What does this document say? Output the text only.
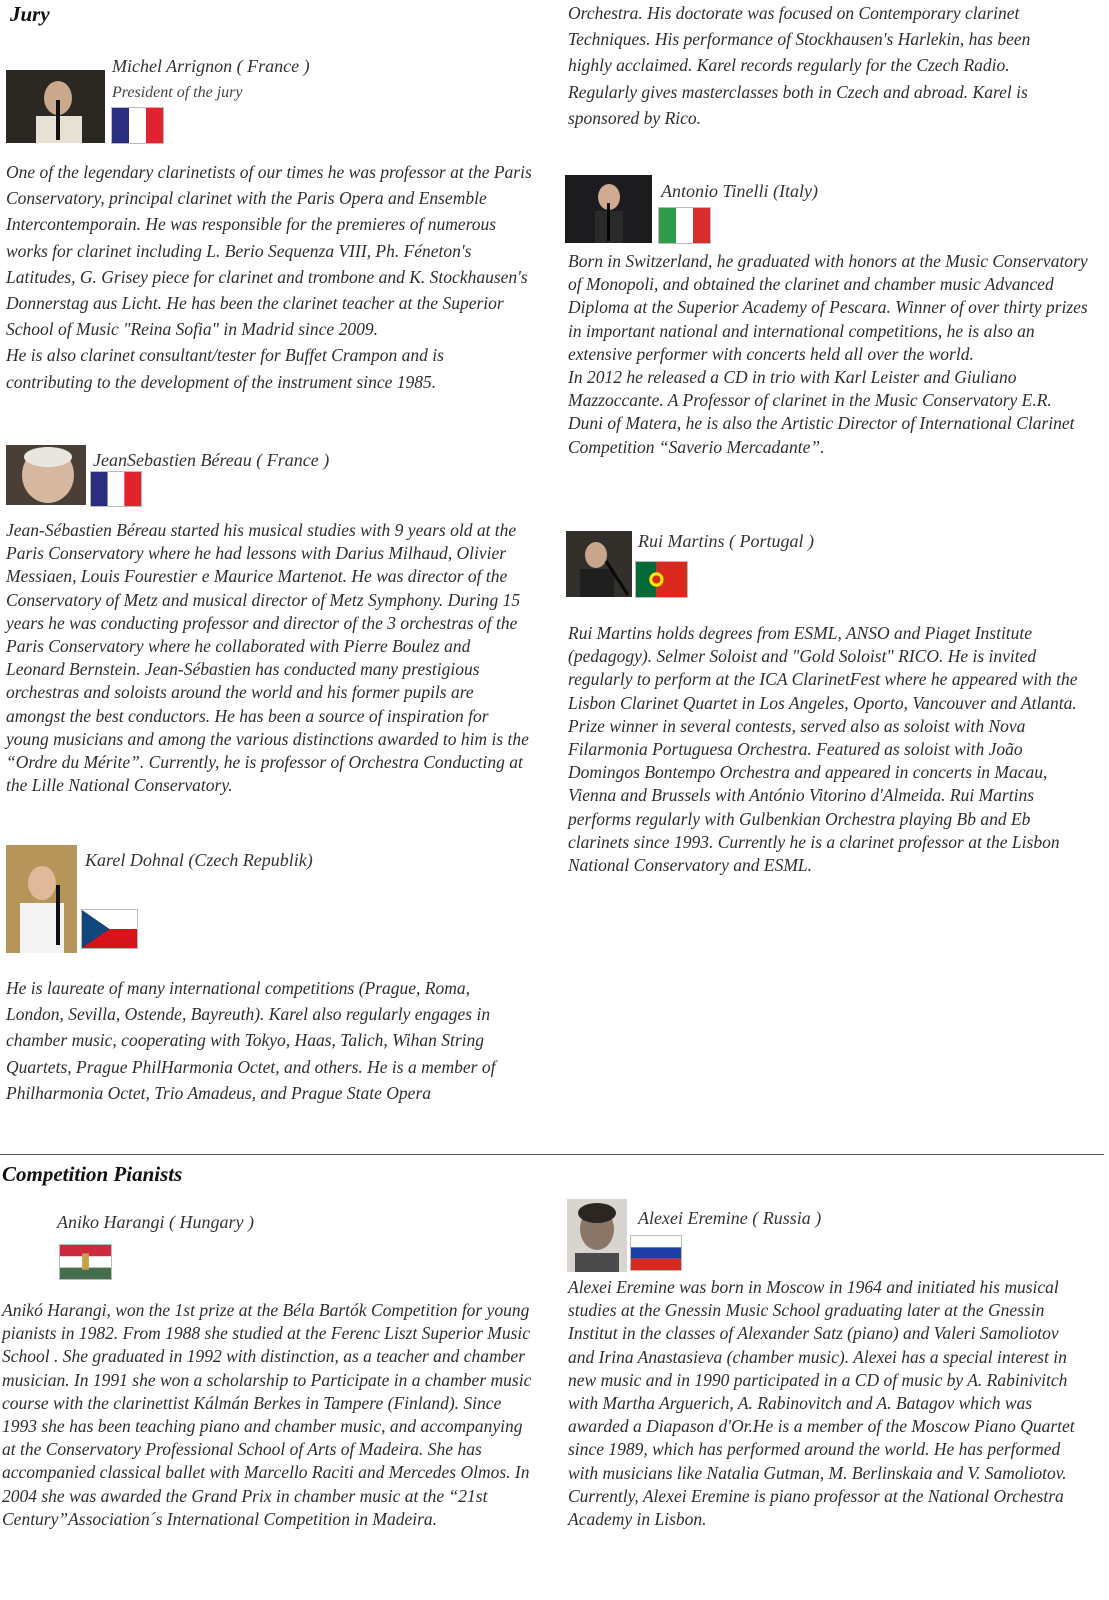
Jury
Michel Arrignon ( France )
President of the jury

One of the legendary clarinetists of our times he was professor at the Paris Conservatory, principal clarinet with the Paris Opera and Ensemble Intercontemporain. He was responsible for the premieres of numerous works for clarinet including L. Berio Sequenza VIII, Ph. Féneton's Latitudes, G. Grisey piece for clarinet and trombone and K. Stockhausen's Donnerstag aus Licht. He has been the clarinet teacher at the Superior School of Music "Reina Sofia" in Madrid since 2009.

He is also clarinet consultant/tester for Buffet Crampon and is contributing to the development of the instrument since 1985.

JeanSebastien Béreau ( France )

Jean-Sébastien Béreau started his musical studies with 9 years old at the Paris Conservatory where he had lessons with Darius Milhaud, Olivier Messiaen, Louis Fourestier e Maurice Martenot. He was director of the Conservatory of Metz and musical director of Metz Symphony. During 15 years he was conducting professor and director of the 3 orchestras of the Paris Conservatory where he collaborated with Pierre Boulez and Leonard Bernstein. Jean-Sébastien has conducted many prestigious orchestras and soloists around the world and his former pupils are amongst the best conductors. He has been a source of inspiration for young musicians and among the various distinctions awarded to him is the “Ordre du Mérite”. Currently, he is professor of Orchestra Conducting at the Lille National Conservatory.

Karel Dohnal (Czech Republik)

He is laureate of many international competitions (Prague, Roma, London, Sevilla, Ostende, Bayreuth). Karel also regularly engages in chamber music, cooperating with Tokyo, Haas, Talich, Wihan String Quartets, Prague PhilHarmonia Octet, and others. He is a member of Philharmonia Octet, Trio Amadeus, and Prague State Opera

Orchestra. His doctorate was focused on Contemporary clarinet Techniques. His performance of Stockhausen's Harlekin, has been highly acclaimed. Karel records regularly for the Czech Radio. Regularly gives masterclasses both in Czech and abroad. Karel is sponsored by Rico.
Antonio Tinelli (Italy)

Born in Switzerland, he graduated with honors at the Music Conservatory of Monopoli, and obtained the clarinet and chamber music Advanced Diploma at the Superior Academy of Pescara. Winner of over thirty prizes in important national and international competitions, he is also an extensive performer with concerts held all over the world.

In 2012 he released a CD in trio with Karl Leister and Giuliano Mazzoccante. A Professor of clarinet in the Music Conservatory E.R. Duni of Matera, he is also the Artistic Director of International Clarinet Competition “Saverio Mercadante”.

Rui Martins ( Portugal )

Rui Martins holds degrees from ESML, ANSO and Piaget Institute (pedagogy). Selmer Soloist and "Gold Soloist" RICO. He is invited regularly to perform at the ICA ClarinetFest where he appeared with the Lisbon Clarinet Quartet in Los Angeles, Oporto, Vancouver and Atlanta. Prize winner in several contests, served also as soloist with Nova Filarmonia Portuguesa Orchestra. Featured as soloist with João Domingos Bontempo Orchestra and appeared in concerts in Macau, Vienna and Brussels with António Vitorino d'Almeida. Rui Martins performs regularly with Gulbenkian Orchestra playing Bb and Eb clarinets since 1993. Currently he is a clarinet professor at the Lisbon National Conservatory and ESML.

Competition Pianists
Aniko Harangi ( Hungary )

Anikó Harangi, won the 1st prize at the Béla Bartók Competition for young pianists in 1982. From 1988 she studied at the Ferenc Liszt Superior Music School . She graduated in 1992 with distinction, as a teacher and chamber musician. In 1991 she won a scholarship to Participate in a chamber music course with the clarinettist Kálmán Berkes in Tampere (Finland). Since 1993 she has been teaching piano and chamber music, and accompanying at the Conservatory Professional School of Arts of Madeira. She has accompanied classical ballet with Marcello Raciti and Mercedes Olmos. In 2004 she was awarded the Grand Prix in chamber music at the “21st Century”Association´s International Competition in Madeira.

Alexei Eremine ( Russia )

Alexei Eremine was born in Moscow in 1964 and initiated his musical studies at the Gnessin Music School graduating later at the Gnessin Institut in the classes of Alexander Satz (piano) and Valeri Samoliotov and Irina Anastasieva (chamber music). Alexei has a special interest in new music and in 1990 participated in a CD of music by A. Rabinivitch with Martha Arguerich, A. Rabinovitch and A. Batagov which was awarded a Diapason d'Or.He is a member of the Moscow Piano Quartet since 1989, which has performed around the world. He has performed with musicians like Natalia Gutman, M. Berlinskaia and V. Samoliotov. Currently, Alexei Eremine is piano professor at the National Orchestra Academy in Lisbon.
